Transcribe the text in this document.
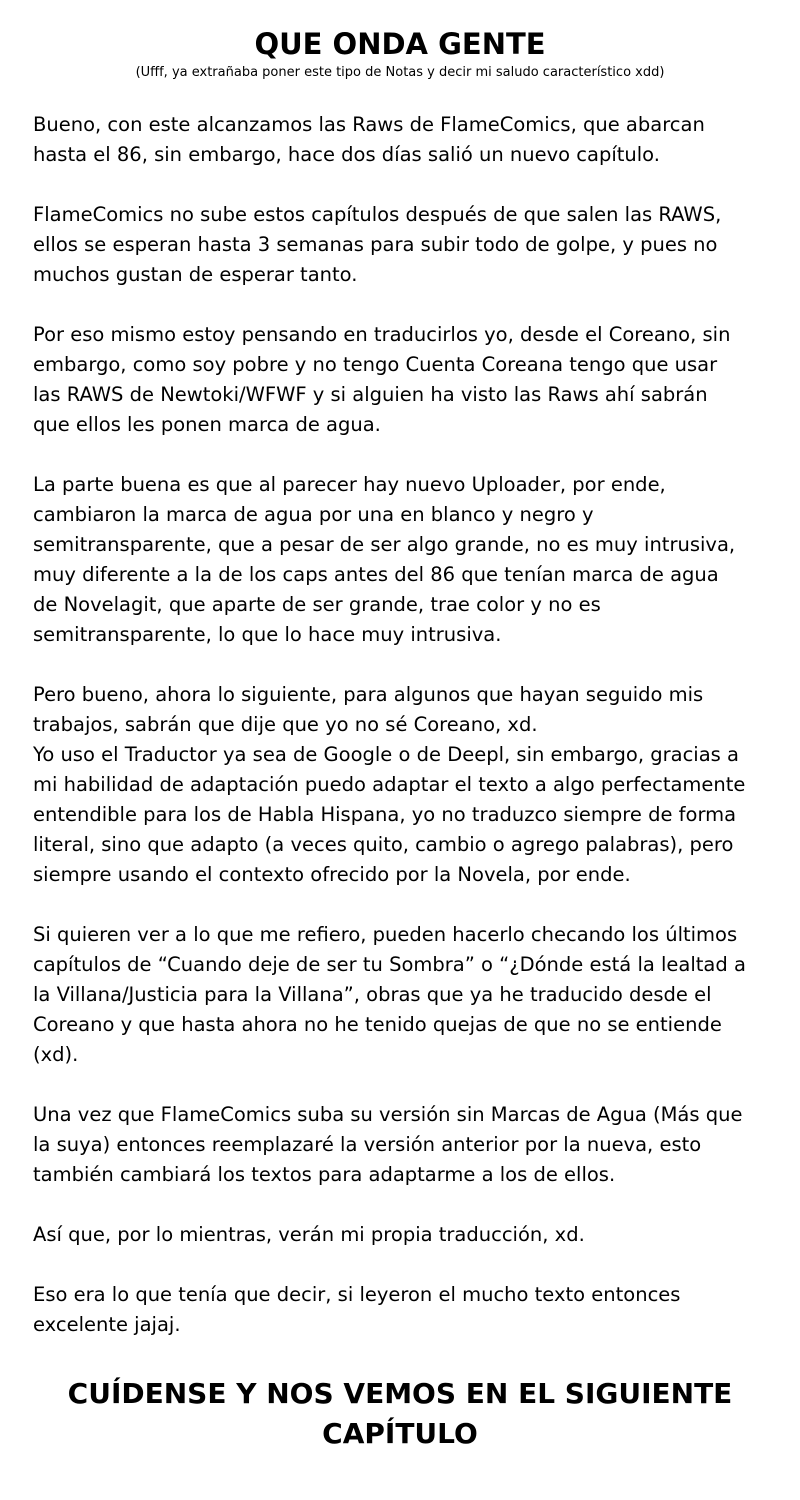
QUE ONDA GENTE
(Ufff, ya extrañaba poner este tipo de Notas y decir mi saludo característico xdd)

Bueno, con este alcanzamos las Raws de FlameComics, que abarcan
hasta el 86, sin embargo, hace dos días salió un nuevo capítulo.

FlameComics no sube estos capítulos después de que salen las RAWS,
ellos se esperan hasta 3 semanas para subir todo de golpe, y pues no
muchos gustan de esperar tanto.

Por eso mismo estoy pensando en traducirlos yo, desde el Coreano, sin
embargo, como soy pobre y no tengo Cuenta Coreana tengo que usar
las RAWS de Newtoki/WFWF y si alguien ha visto las Raws ahí sabrán
que ellos les ponen marca de agua.

La parte buena es que al parecer hay nuevo Uploader, por ende,
cambiaron la marca de agua por una en blanco y negro y
semitransparente, que a pesar de ser algo grande, no es muy intrusiva,
muy diferente a la de los caps antes del 86 que tenían marca de agua
de Novelagit, que aparte de ser grande, trae color y no es
semitransparente, lo que lo hace muy intrusiva.

Pero bueno, ahora lo siguiente, para algunos que hayan seguido mis
trabajos, sabrán que dije que yo no sé Coreano, xd.
Yo uso el Traductor ya sea de Google o de Deepl, sin embargo, gracias a
mi habilidad de adaptación puedo adaptar el texto a algo perfectamente
entendible para los de Habla Hispana, yo no traduzco siempre de forma
literal, sino que adapto (a veces quito, cambio o agrego palabras), pero
siempre usando el contexto ofrecido por la Novela, por ende.

Si quieren ver a lo que me refiero, pueden hacerlo checando los últimos
capítulos de “Cuando deje de ser tu Sombra” o “¿Dónde está la lealtad a
la Villana/Justicia para la Villana”, obras que ya he traducido desde el
Coreano y que hasta ahora no he tenido quejas de que no se entiende
(xd).

Una vez que FlameComics suba su versión sin Marcas de Agua (Más que
la suya) entonces reemplazaré la versión anterior por la nueva, esto
también cambiará los textos para adaptarme a los de ellos.

Así que, por lo mientras, verán mi propia traducción, xd.

Eso era lo que tenía que decir, si leyeron el mucho texto entonces
excelente jajaj.

CUÍDENSE Y NOS VEMOS EN EL SIGUIENTE
CAPÍTULO
